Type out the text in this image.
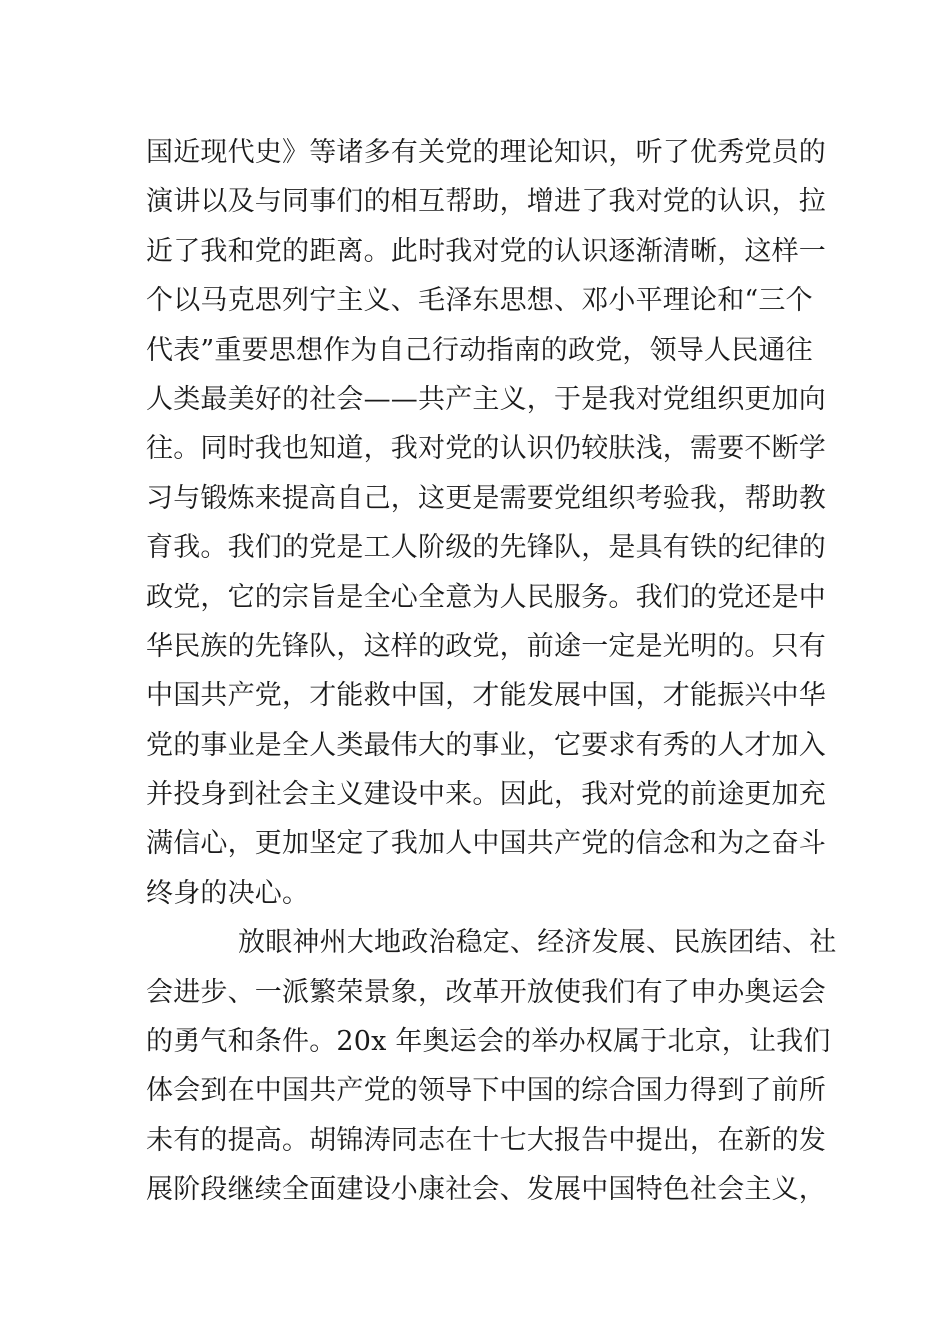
国近现代史》等诸多有关党的理论知识，听了优秀党员的
演讲以及与同事们的相互帮助，增进了我对党的认识，拉
近了我和党的距离。此时我对党的认识逐渐清晰，这样一
个以马克思列宁主义、毛泽东思想、邓小平理论和“三个
代表”重要思想作为自己行动指南的政党，领导人民通往
人类最美好的社会——共产主义，于是我对党组织更加向
往。同时我也知道，我对党的认识仍较肤浅，需要不断学
习与锻炼来提高自己，这更是需要党组织考验我，帮助教
育我。我们的党是工人阶级的先锋队，是具有铁的纪律的
政党，它的宗旨是全心全意为人民服务。我们的党还是中
华民族的先锋队，这样的政党，前途一定是光明的。只有
中国共产党，才能救中国，才能发展中国，才能振兴中华
党的事业是全人类最伟大的事业，它要求有秀的人才加入
并投身到社会主义建设中来。因此，我对党的前途更加充
满信心，更加坚定了我加人中国共产党的信念和为之奋斗
终身的决心。
放眼神州大地政治稳定、经济发展、民族团结、社
会进步、一派繁荣景象，改革开放使我们有了申办奥运会
的勇气和条件。20x 年奥运会的举办权属于北京，让我们
体会到在中国共产党的领导下中国的综合国力得到了前所
未有的提高。胡锦涛同志在十七大报告中提出，在新的发
展阶段继续全面建设小康社会、发展中国特色社会主义，
